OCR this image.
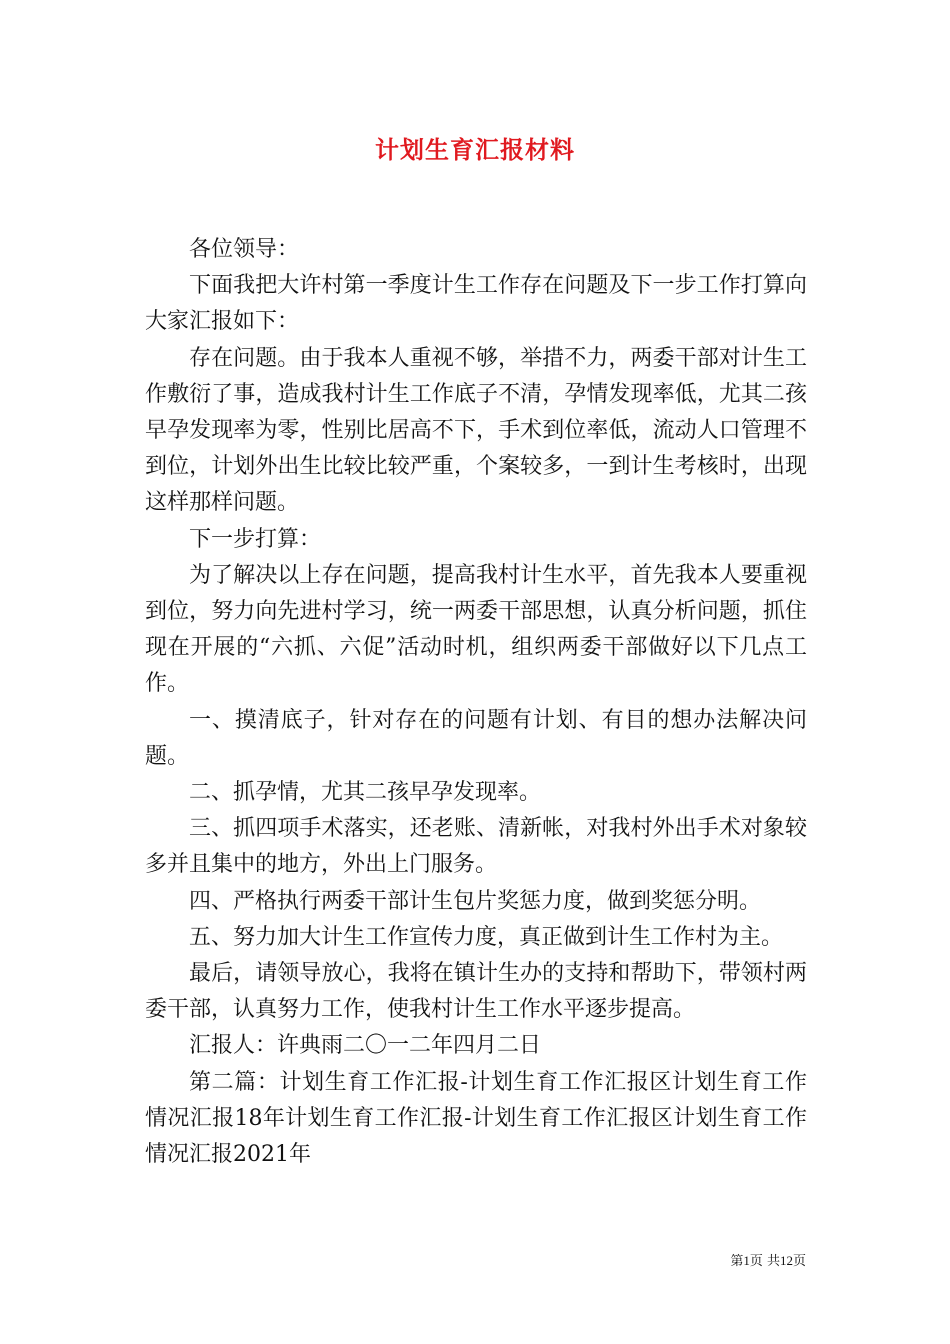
计划生育汇报材料

各位领导：

下面我把大许村第一季度计生工作存在问题及下一步工作打算向大家汇报如下：

存在问题。由于我本人重视不够，举措不力，两委干部对计生工作敷衍了事，造成我村计生工作底子不清，孕情发现率低，尤其二孩早孕发现率为零，性别比居高不下，手术到位率低，流动人口管理不到位，计划外出生比较比较严重，个案较多，一到计生考核时，出现这样那样问题。

下一步打算：

为了解决以上存在问题，提高我村计生水平，首先我本人要重视到位，努力向先进村学习，统一两委干部思想，认真分析问题，抓住现在开展的“六抓、六促”活动时机，组织两委干部做好以下几点工作。

一、摸清底子，针对存在的问题有计划、有目的想办法解决问题。

二、抓孕情，尤其二孩早孕发现率。

三、抓四项手术落实，还老账、清新帐，对我村外出手术对象较多并且集中的地方，外出上门服务。

四、严格执行两委干部计生包片奖惩力度，做到奖惩分明。

五、努力加大计生工作宣传力度，真正做到计生工作村为主。

最后，请领导放心，我将在镇计生办的支持和帮助下，带领村两委干部，认真努力工作，使我村计生工作水平逐步提高。

汇报人：许典雨二〇一二年四月二日

第二篇：计划生育工作汇报-计划生育工作汇报区计划生育工作情况汇报18年计划生育工作汇报-计划生育工作汇报区计划生育工作情况汇报2021年

第1页 共12页
